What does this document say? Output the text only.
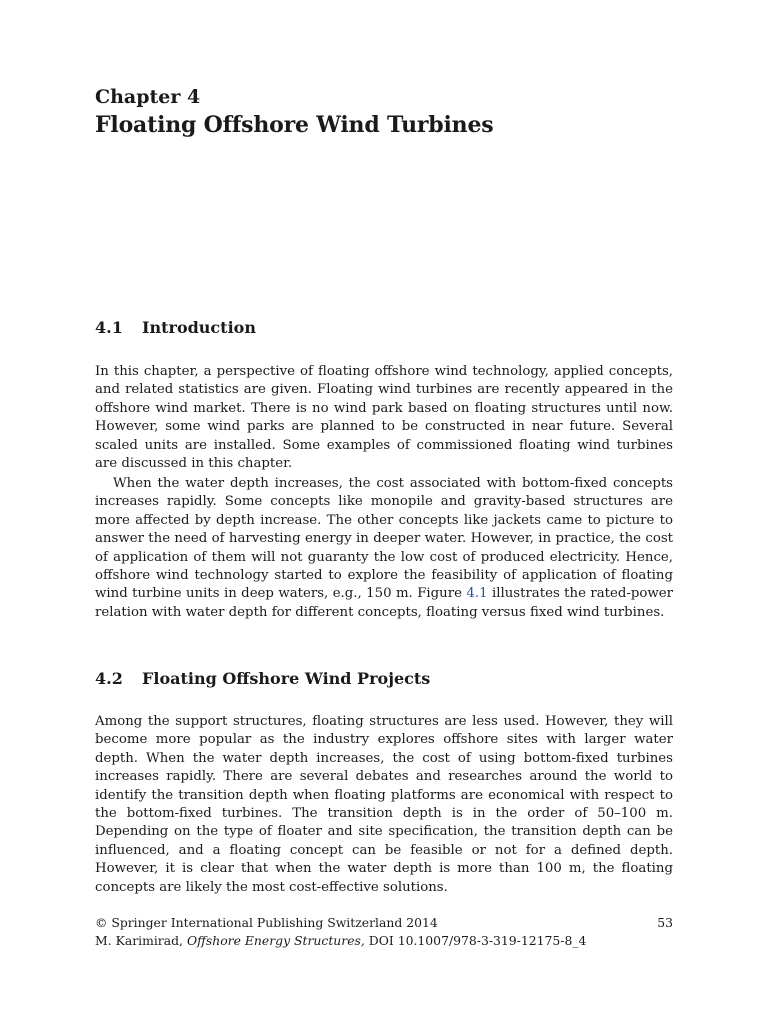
Chapter 4
Floating Offshore Wind Turbines
4.1 Introduction

In this chapter, a perspective of floating offshore wind technology, applied concepts, and related statistics are given. Floating wind turbines are recently appeared in the offshore wind market. There is no wind park based on floating structures until now. However, some wind parks are planned to be constructed in near future. Several scaled units are installed. Some examples of commissioned floating wind turbines are discussed in this chapter.

When the water depth increases, the cost associated with bottom-fixed concepts increases rapidly. Some concepts like monopile and gravity-based structures are more affected by depth increase. The other concepts like jackets came to picture to answer the need of harvesting energy in deeper water. However, in practice, the cost of application of them will not guaranty the low cost of produced electricity. Hence, offshore wind technology started to explore the feasibility of application of floating wind turbine units in deep waters, e.g., 150 m. Figure 4.1 illustrates the rated-power relation with water depth for different concepts, floating versus fixed wind turbines.

4.2 Floating Offshore Wind Projects

Among the support structures, floating structures are less used. However, they will become more popular as the industry explores offshore sites with larger water depth. When the water depth increases, the cost of using bottom-fixed turbines increases rapidly. There are several debates and researches around the world to identify the transition depth when floating platforms are economical with respect to the bottom-fixed turbines. The transition depth is in the order of 50–100 m. Depending on the type of floater and site specification, the transition depth can be influenced, and a floating concept can be feasible or not for a defined depth. However, it is clear that when the water depth is more than 100 m, the floating concepts are likely the most cost-effective solutions.

© Springer International Publishing Switzerland 2014	53
M. Karimirad, Offshore Energy Structures, DOI 10.1007/978-3-319-12175-8_4
